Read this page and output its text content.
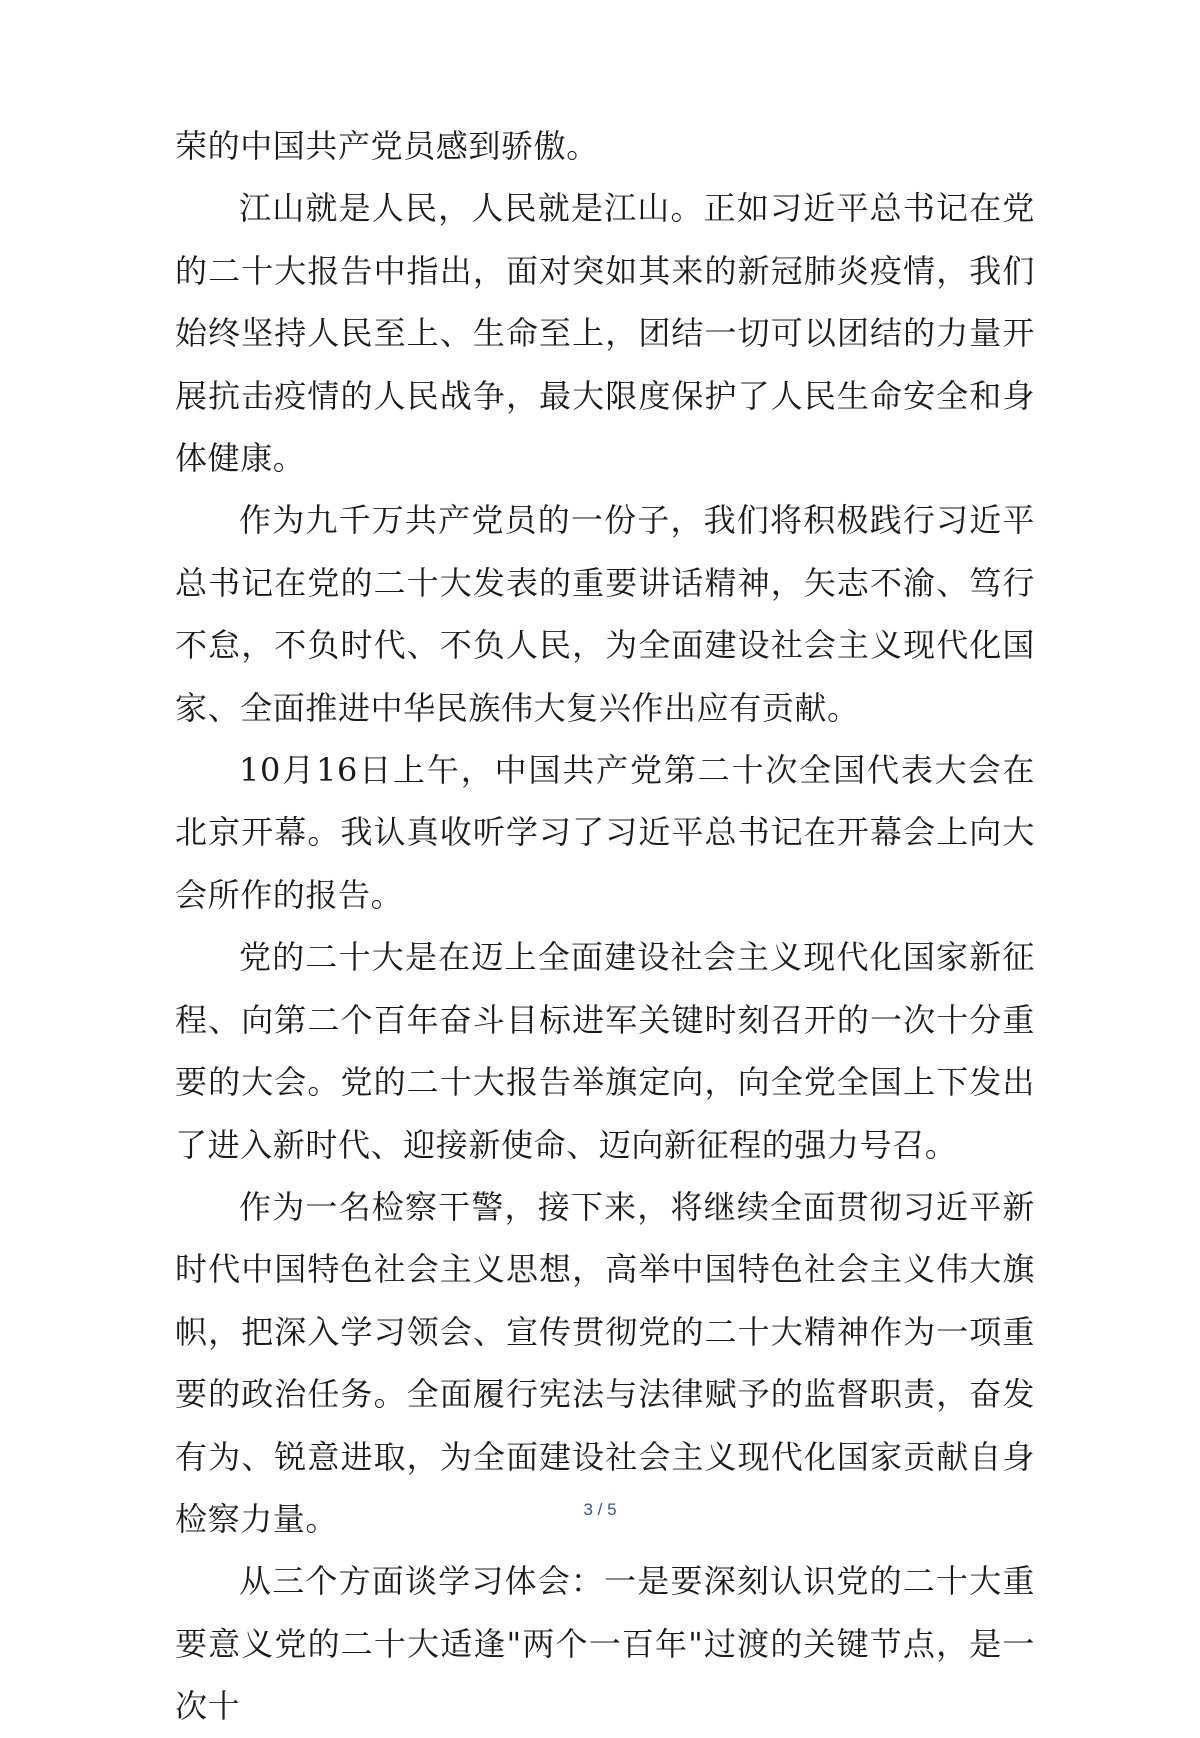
荣的中国共产党员感到骄傲。

江山就是人民，人民就是江山。正如习近平总书记在党的二十大报告中指出，面对突如其来的新冠肺炎疫情，我们始终坚持人民至上、生命至上，团结一切可以团结的力量开展抗击疫情的人民战争，最大限度保护了人民生命安全和身体健康。

作为九千万共产党员的一份子，我们将积极践行习近平总书记在党的二十大发表的重要讲话精神，矢志不渝、笃行不怠，不负时代、不负人民，为全面建设社会主义现代化国家、全面推进中华民族伟大复兴作出应有贡献。

10月16日上午，中国共产党第二十次全国代表大会在北京开幕。我认真收听学习了习近平总书记在开幕会上向大会所作的报告。

党的二十大是在迈上全面建设社会主义现代化国家新征程、向第二个百年奋斗目标进军关键时刻召开的一次十分重要的大会。党的二十大报告举旗定向，向全党全国上下发出了进入新时代、迎接新使命、迈向新征程的强力号召。

作为一名检察干警，接下来，将继续全面贯彻习近平新时代中国特色社会主义思想，高举中国特色社会主义伟大旗帜，把深入学习领会、宣传贯彻党的二十大精神作为一项重要的政治任务。全面履行宪法与法律赋予的监督职责，奋发有为、锐意进取，为全面建设社会主义现代化国家贡献自身检察力量。

从三个方面谈学习体会：一是要深刻认识党的二十大重要意义党的二十大适逢"两个一百年"过渡的关键节点，是一次十

3 / 5
